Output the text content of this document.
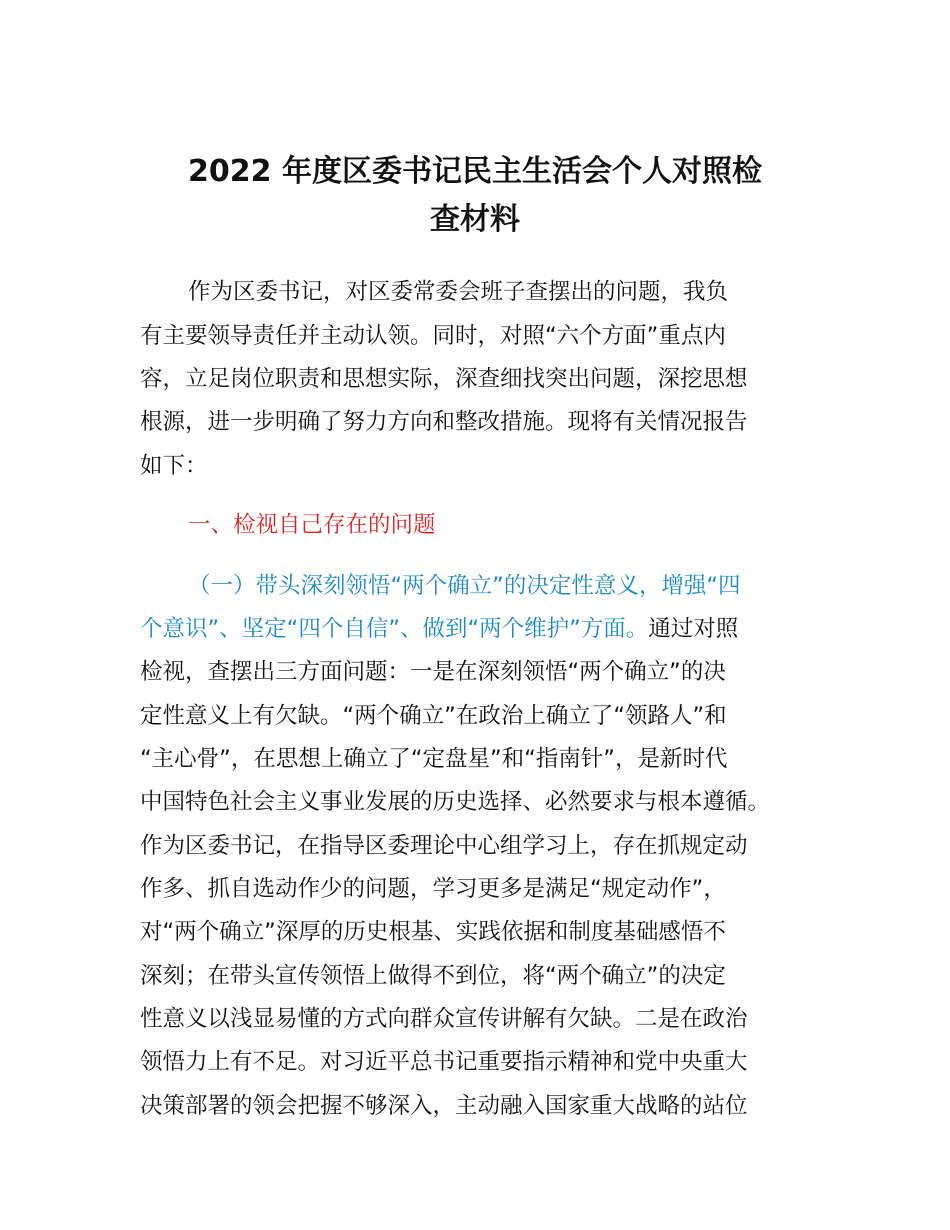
2022 年度区委书记民主生活会个人对照检
查材料
作为区委书记，对区委常委会班子查摆出的问题，我负
有主要领导责任并主动认领。同时，对照“六个方面”重点内
容，立足岗位职责和思想实际，深查细找突出问题，深挖思想
根源，进一步明确了努力方向和整改措施。现将有关情况报告
如下：
一、检视自己存在的问题
（一）带头深刻领悟“两个确立”的决定性意义，增强“四
个意识”、坚定“四个自信”、做到“两个维护”方面。通过对照
检视，查摆出三方面问题：一是在深刻领悟“两个确立”的决
定性意义上有欠缺。“两个确立”在政治上确立了“领路人”和
“主心骨”，在思想上确立了“定盘星”和“指南针”，是新时代
中国特色社会主义事业发展的历史选择、必然要求与根本遵循。
作为区委书记，在指导区委理论中心组学习上，存在抓规定动
作多、抓自选动作少的问题，学习更多是满足“规定动作”，
对“两个确立”深厚的历史根基、实践依据和制度基础感悟不
深刻；在带头宣传领悟上做得不到位，将“两个确立”的决定
性意义以浅显易懂的方式向群众宣传讲解有欠缺。二是在政治
领悟力上有不足。对习近平总书记重要指示精神和党中央重大
决策部署的领会把握不够深入，主动融入国家重大战略的站位
